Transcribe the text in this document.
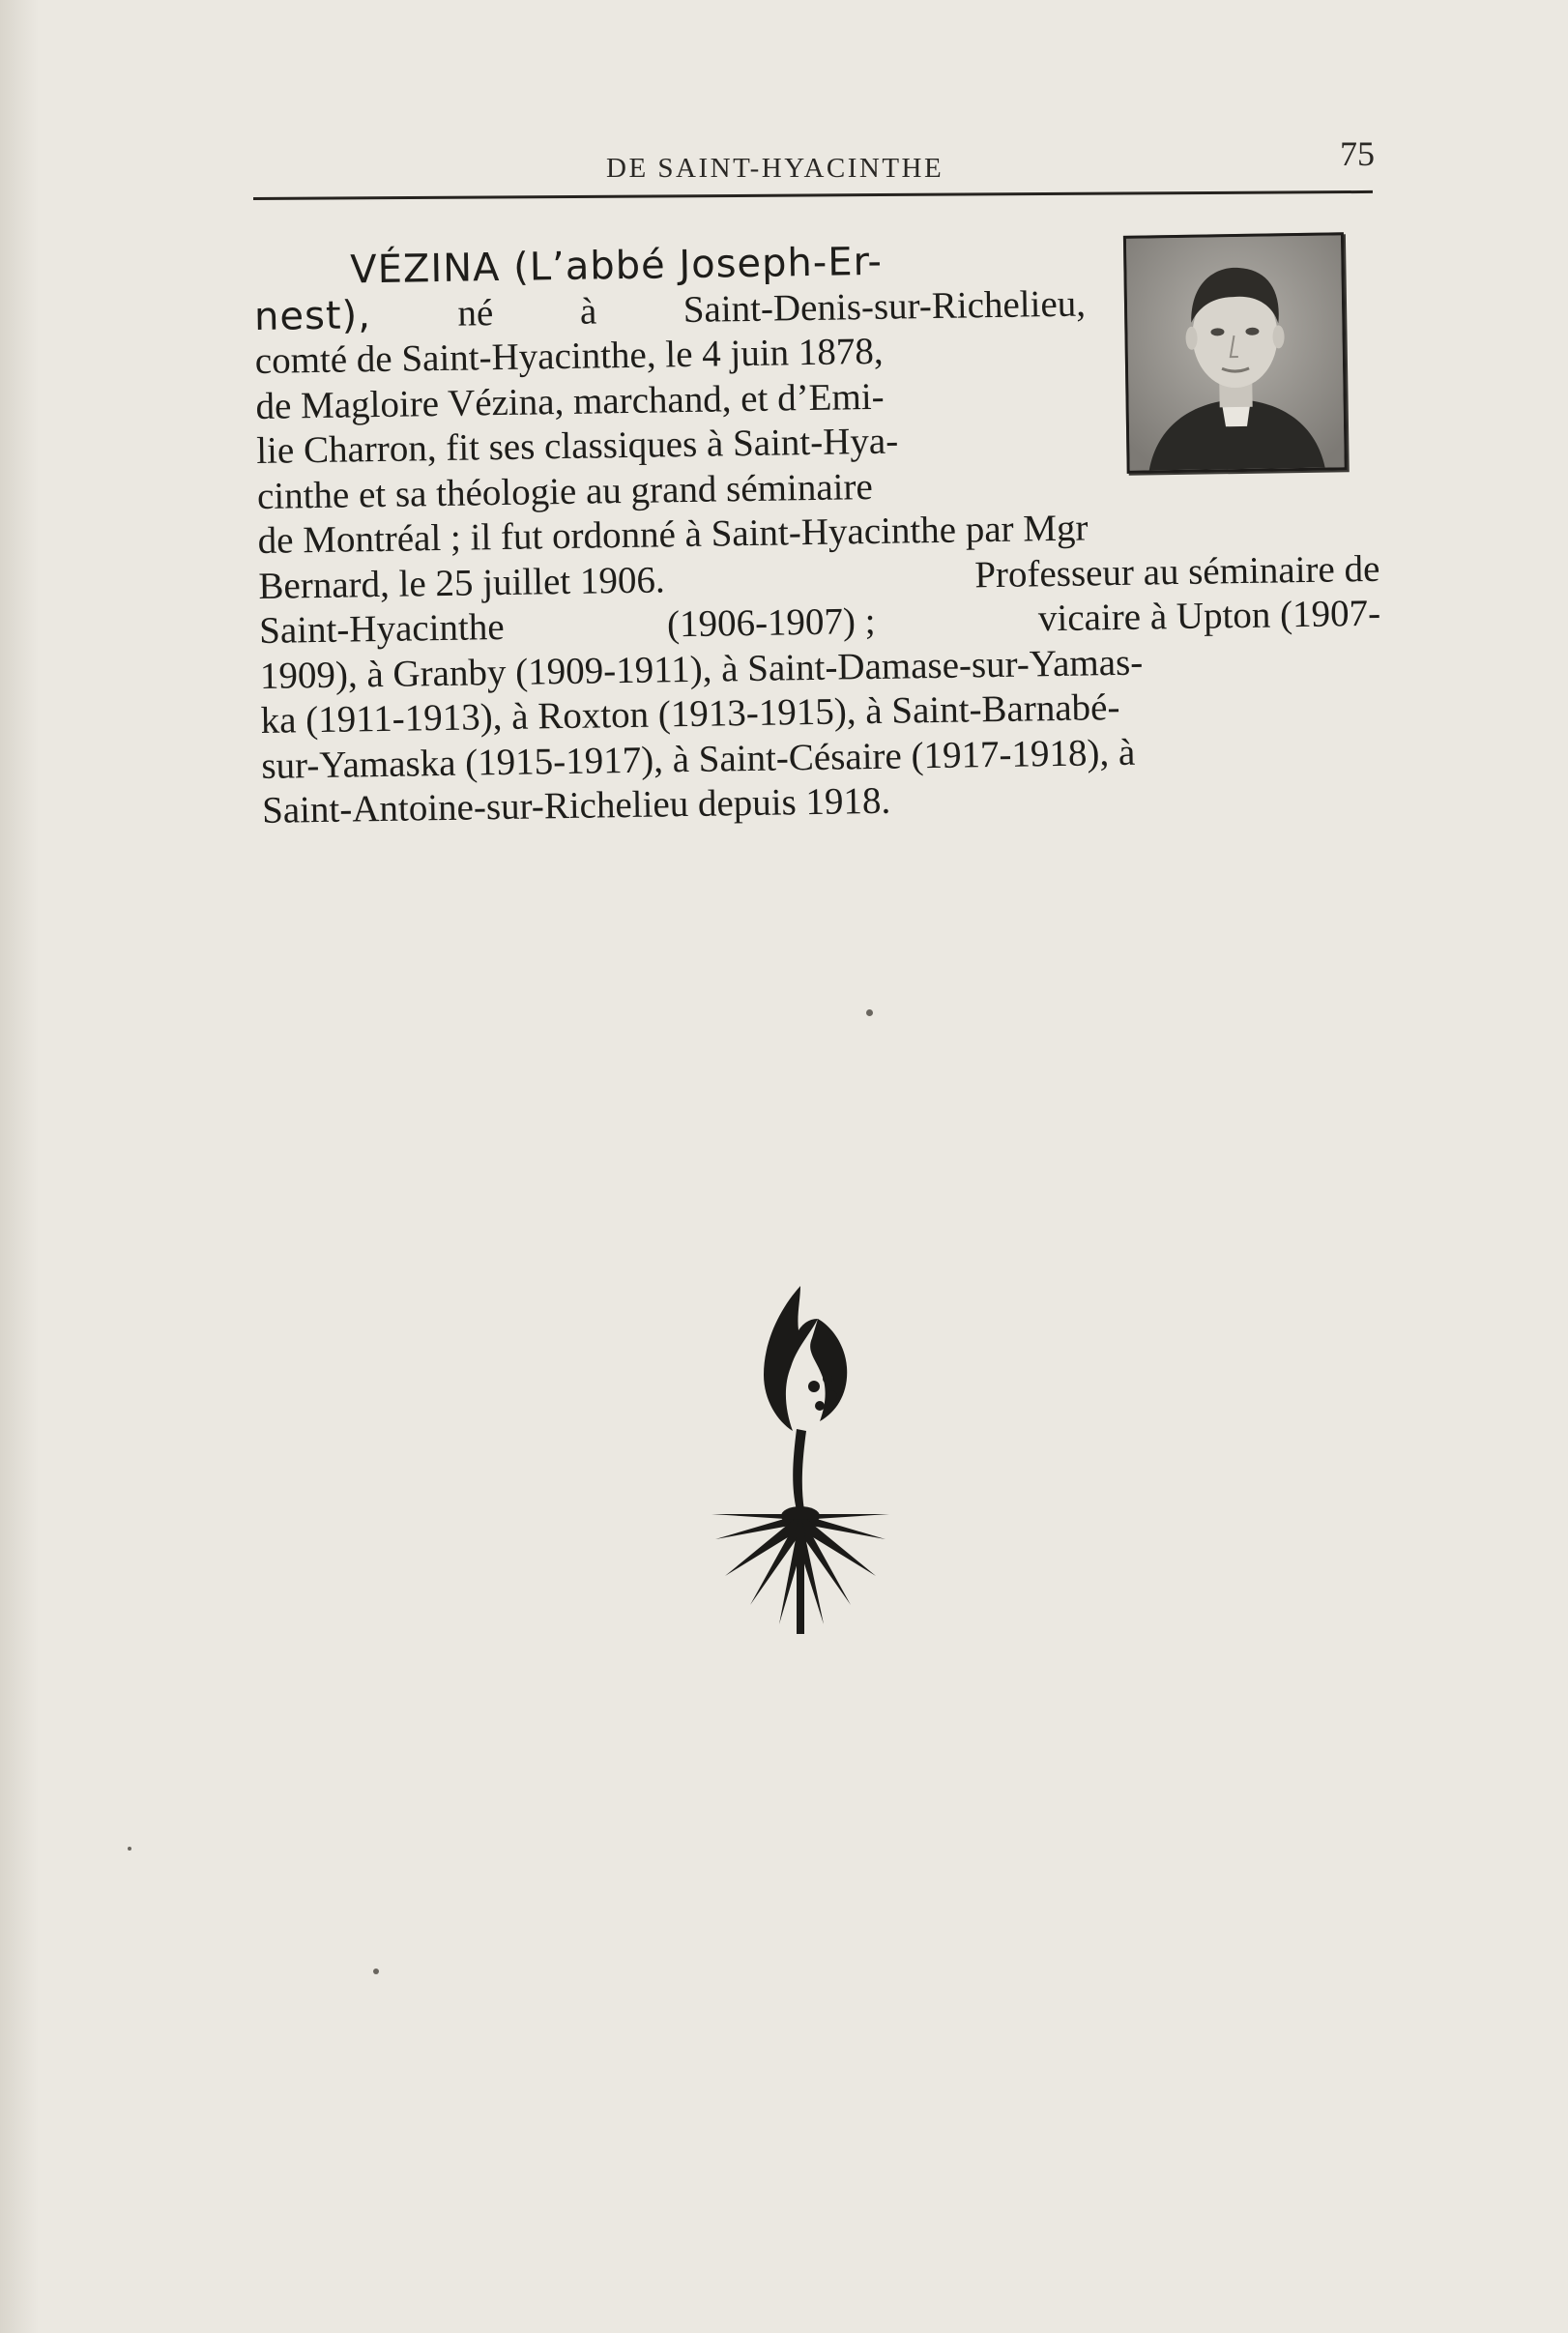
DE SAINT-HYACINTHE	75
VÉZINA (L’abbé Joseph-Er-
nest), né à Saint-Denis-sur-Richelieu,
comté de Saint-Hyacinthe, le 4 juin 1878,
de Magloire Vézina, marchand, et d’Emi-
lie Charron, fit ses classiques à Saint-Hya-
cinthe et sa théologie au grand séminaire
de Montréal ; il fut ordonné à Saint-Hyacinthe par Mgr
Bernard, le 25 juillet 1906.	Professeur au séminaire de
Saint-Hyacinthe	(1906-1907) ;	vicaire à Upton (1907-
1909), à Granby (1909-1911), à Saint-Damase-sur-Yamas-
ka (1911-1913), à Roxton (1913-1915), à Saint-Barnabé-
sur-Yamaska (1915-1917), à Saint-Césaire (1917-1918), à
Saint-Antoine-sur-Richelieu depuis 1918.
